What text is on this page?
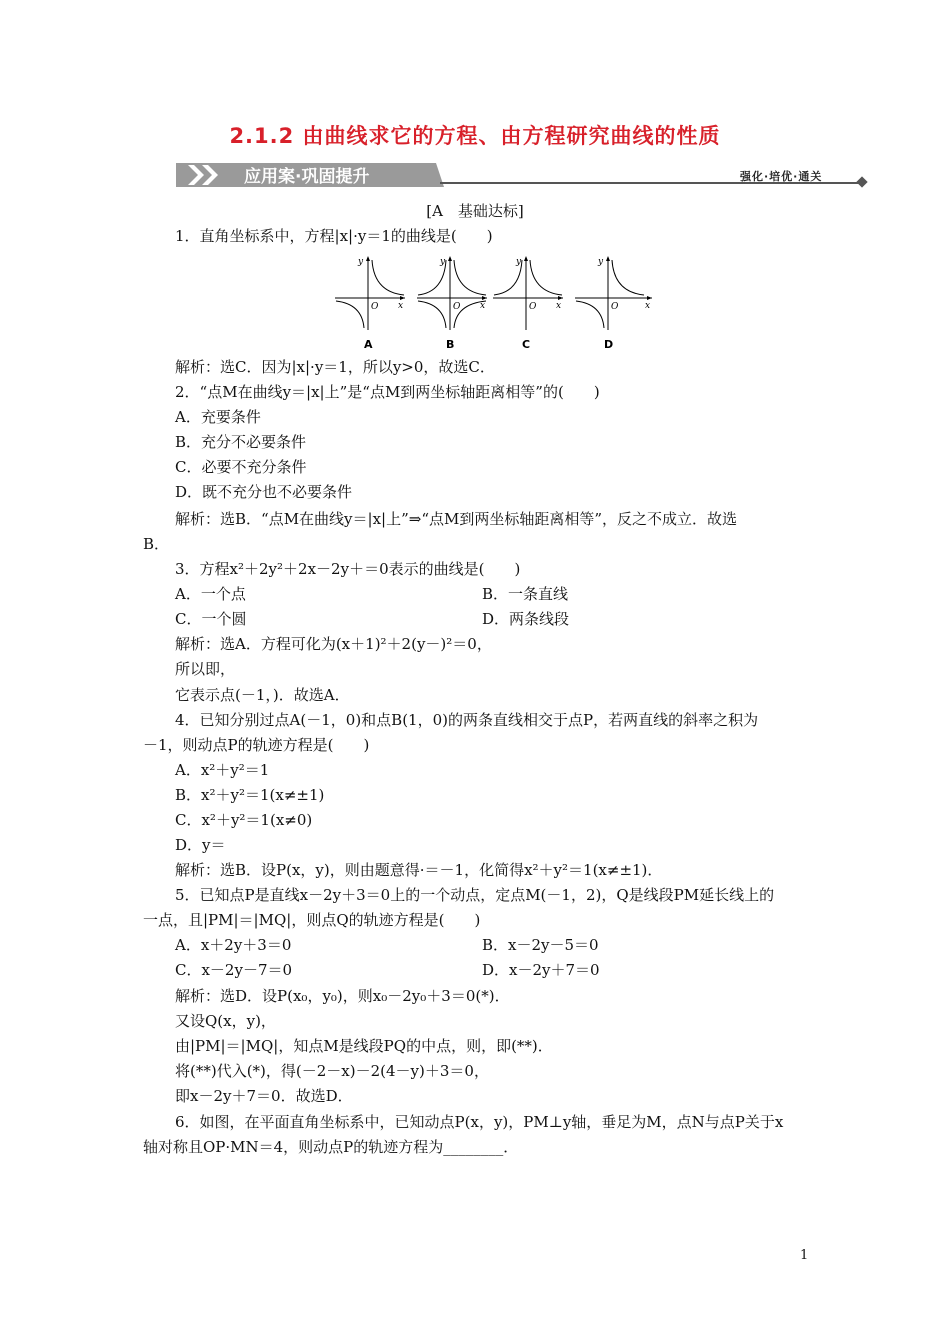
2.1.2 由曲线求它的方程、由方程研究曲线的性质
应用案·巩固提升	强化·培优·通关
[A　基础达标]
1．直角坐标系中，方程|x|·y＝1的曲线是(　　)
y
x
O
y
x
O
y
x
O
y
x
O
A	B	C	D
解析：选C．因为|x|·y＝1，所以y>0，故选C．
2．“点M在曲线y＝|x|上”是“点M到两坐标轴距离相等”的(　　)
A．充要条件
B．充分不必要条件
C．必要不充分条件
D．既不充分也不必要条件
解析：选B．“点M在曲线y＝|x|上”⇒“点M到两坐标轴距离相等”，反之不成立．故选
B．
3．方程x²＋2y²＋2x－2y＋＝0表示的曲线是(　　)
A．一个点	B．一条直线
C．一个圆	D．两条线段
解析：选A．方程可化为(x＋1)²＋2(y－)²＝0，
所以即，
它表示点(－1，)．故选A．
4．已知分别过点A(－1，0)和点B(1，0)的两条直线相交于点P，若两直线的斜率之积为
－1，则动点P的轨迹方程是(　　)
A．x²＋y²＝1
B．x²＋y²＝1(x≠±1)
C．x²＋y²＝1(x≠0)
D．y＝
解析：选B．设P(x，y)，则由题意得·＝－1，化简得x²＋y²＝1(x≠±1)．
5．已知点P是直线x－2y＋3＝0上的一个动点，定点M(－1，2)，Q是线段PM延长线上的
一点，且|PM|＝|MQ|，则点Q的轨迹方程是(　　)
A．x＋2y＋3＝0	B．x－2y－5＝0
C．x－2y－7＝0	D．x－2y＋7＝0
解析：选D．设P(x₀，y₀)，则x₀－2y₀＋3＝0(*)．
又设Q(x，y)，
由|PM|＝|MQ|，知点M是线段PQ的中点，则，即(**)．
将(**)代入(*)，得(－2－x)－2(4－y)＋3＝0，
即x－2y＋7＝0．故选D．
6．如图，在平面直角坐标系中，已知动点P(x，y)，PM⊥y轴，垂足为M，点N与点P关于x
轴对称且OP·MN＝4，则动点P的轨迹方程为________．
1
